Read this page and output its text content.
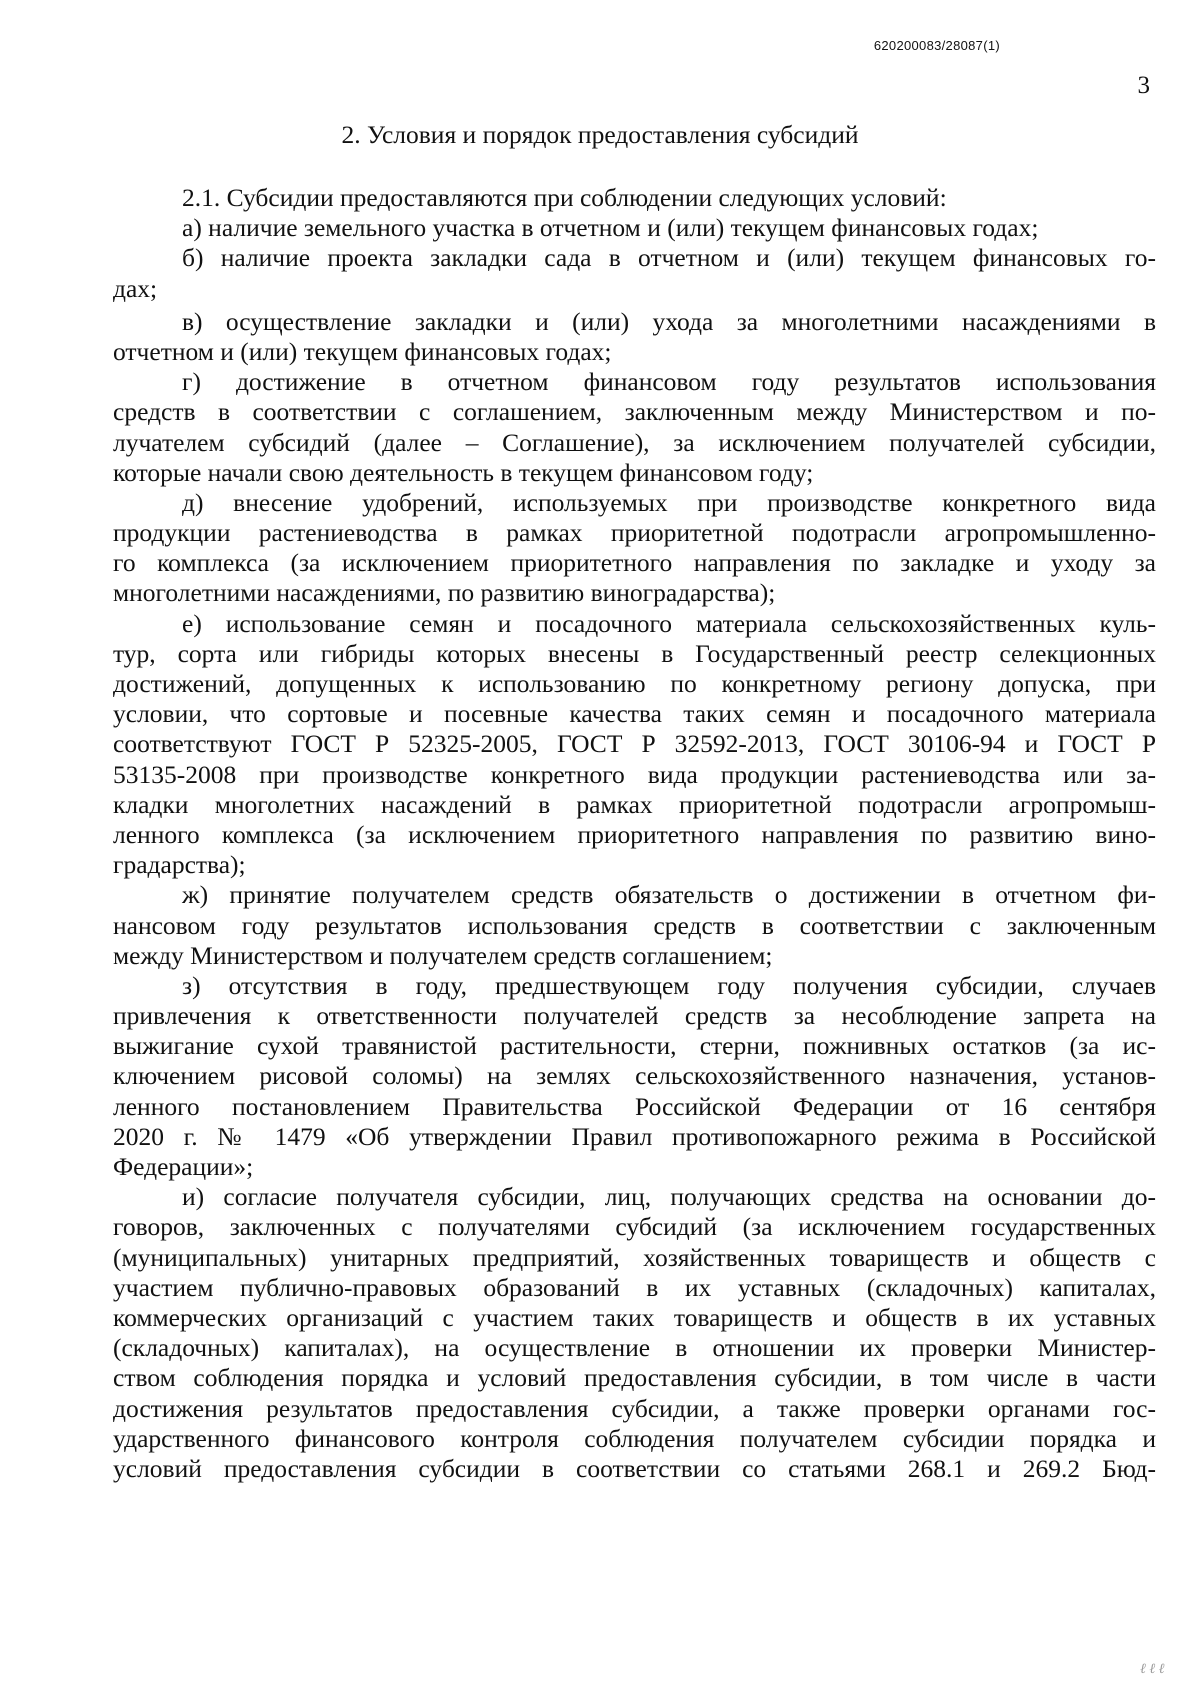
620200083/28087(1)
3
2. Условия и порядок предоставления субсидий
2.1. Субсидии предоставляются при соблюдении следующих условий:
а) наличие земельного участка в отчетном и (или) текущем финансовых годах;
б) наличие проекта закладки сада в отчетном и (или) текущем финансовых го-
дах;
в) осуществление закладки и (или) ухода за многолетними насаждениями в
отчетном и (или) текущем финансовых годах;
г) достижение в отчетном финансовом году результатов использования
средств в соответствии с соглашением, заключенным между Министерством и по-
лучателем субсидий (далее – Соглашение), за исключением получателей субсидии,
которые начали свою деятельность в текущем финансовом году;
д) внесение удобрений, используемых при производстве конкретного вида
продукции растениеводства в рамках приоритетной подотрасли агропромышленно-
го комплекса (за исключением приоритетного направления по закладке и уходу за
многолетними насаждениями, по развитию виноградарства);
е) использование семян и посадочного материала сельскохозяйственных куль-
тур, сорта или гибриды которых внесены в Государственный реестр селекционных
достижений, допущенных к использованию по конкретному региону допуска, при
условии, что сортовые и посевные качества таких семян и посадочного материала
соответствуют ГОСТ Р 52325-2005, ГОСТ Р 32592-2013, ГОСТ 30106-94 и ГОСТ Р
53135-2008 при производстве конкретного вида продукции растениеводства или за-
кладки многолетних насаждений в рамках приоритетной подотрасли агропромыш-
ленного комплекса (за исключением приоритетного направления по развитию вино-
градарства);
ж) принятие получателем средств обязательств о достижении в отчетном фи-
нансовом году результатов использования средств в соответствии с заключенным
между Министерством и получателем средств соглашением;
з) отсутствия в году, предшествующем году получения субсидии, случаев
привлечения к ответственности получателей средств за несоблюдение запрета на
выжигание сухой травянистой растительности, стерни, пожнивных остатков (за ис-
ключением рисовой соломы) на землях сельскохозяйственного назначения, установ-
ленного постановлением Правительства Российской Федерации от 16 сентября
2020 г. № 1479 «Об утверждении Правил противопожарного режима в Российской
Федерации»;
и) согласие получателя субсидии, лиц, получающих средства на основании до-
говоров, заключенных с получателями субсидий (за исключением государственных
(муниципальных) унитарных предприятий, хозяйственных товариществ и обществ с
участием публично-правовых образований в их уставных (складочных) капиталах,
коммерческих организаций с участием таких товариществ и обществ в их уставных
(складочных) капиталах), на осуществление в отношении их проверки Министер-
ством соблюдения порядка и условий предоставления субсидии, в том числе в части
достижения результатов предоставления субсидии, а также проверки органами гос-
ударственного финансового контроля соблюдения получателем субсидии порядка и
условий предоставления субсидии в соответствии со статьями 268.1 и 269.2 Бюд-
ℓ ℓ ℓ
